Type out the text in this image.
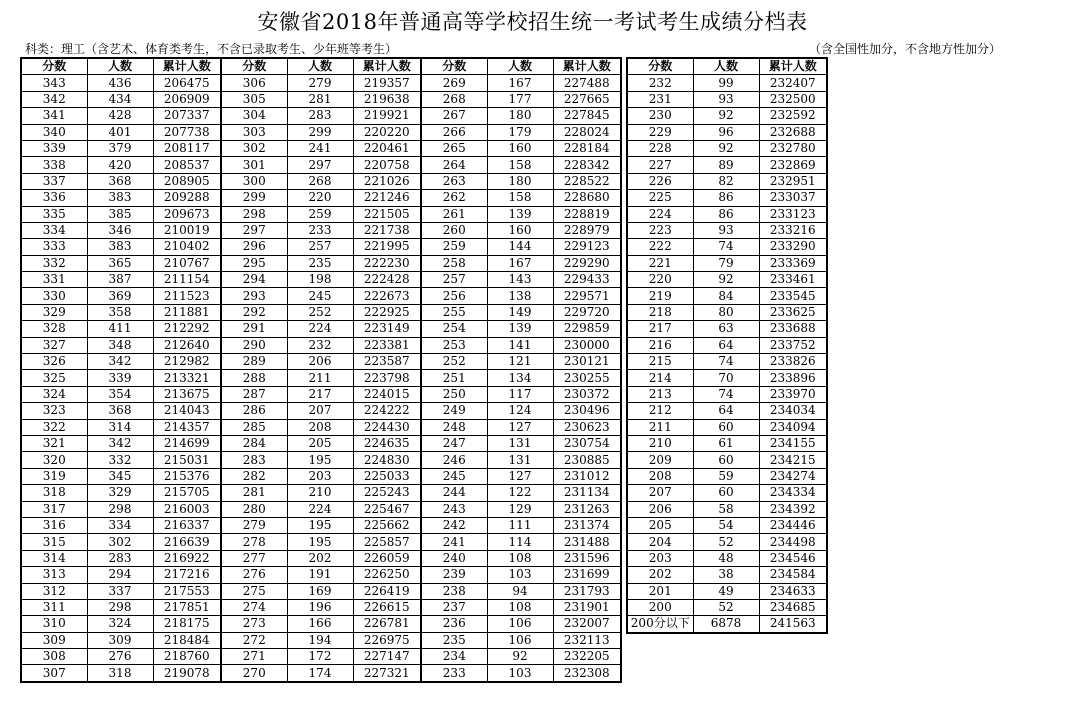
安徽省2018年普通高等学校招生统一考试考生成绩分档表
科类：理工（含艺术、体育类考生，不含已录取考生、少年班等考生）	（含全国性加分，不含地方性加分）
分数	人数	累计人数	分数	人数	累计人数	分数	人数	累计人数
343	436	206475	306	279	219357	269	167	227488
342	434	206909	305	281	219638	268	177	227665
341	428	207337	304	283	219921	267	180	227845
340	401	207738	303	299	220220	266	179	228024
339	379	208117	302	241	220461	265	160	228184
338	420	208537	301	297	220758	264	158	228342
337	368	208905	300	268	221026	263	180	228522
336	383	209288	299	220	221246	262	158	228680
335	385	209673	298	259	221505	261	139	228819
334	346	210019	297	233	221738	260	160	228979
333	383	210402	296	257	221995	259	144	229123
332	365	210767	295	235	222230	258	167	229290
331	387	211154	294	198	222428	257	143	229433
330	369	211523	293	245	222673	256	138	229571
329	358	211881	292	252	222925	255	149	229720
328	411	212292	291	224	223149	254	139	229859
327	348	212640	290	232	223381	253	141	230000
326	342	212982	289	206	223587	252	121	230121
325	339	213321	288	211	223798	251	134	230255
324	354	213675	287	217	224015	250	117	230372
323	368	214043	286	207	224222	249	124	230496
322	314	214357	285	208	224430	248	127	230623
321	342	214699	284	205	224635	247	131	230754
320	332	215031	283	195	224830	246	131	230885
319	345	215376	282	203	225033	245	127	231012
318	329	215705	281	210	225243	244	122	231134
317	298	216003	280	224	225467	243	129	231263
316	334	216337	279	195	225662	242	111	231374
315	302	216639	278	195	225857	241	114	231488
314	283	216922	277	202	226059	240	108	231596
313	294	217216	276	191	226250	239	103	231699
312	337	217553	275	169	226419	238	94	231793
311	298	217851	274	196	226615	237	108	231901
310	324	218175	273	166	226781	236	106	232007
309	309	218484	272	194	226975	235	106	232113
308	276	218760	271	172	227147	234	92	232205
307	318	219078	270	174	227321	233	103	232308
分数	人数	累计人数
232	99	232407
231	93	232500
230	92	232592
229	96	232688
228	92	232780
227	89	232869
226	82	232951
225	86	233037
224	86	233123
223	93	233216
222	74	233290
221	79	233369
220	92	233461
219	84	233545
218	80	233625
217	63	233688
216	64	233752
215	74	233826
214	70	233896
213	74	233970
212	64	234034
211	60	234094
210	61	234155
209	60	234215
208	59	234274
207	60	234334
206	58	234392
205	54	234446
204	52	234498
203	48	234546
202	38	234584
201	49	234633
200	52	234685
200分以下	6878	241563
